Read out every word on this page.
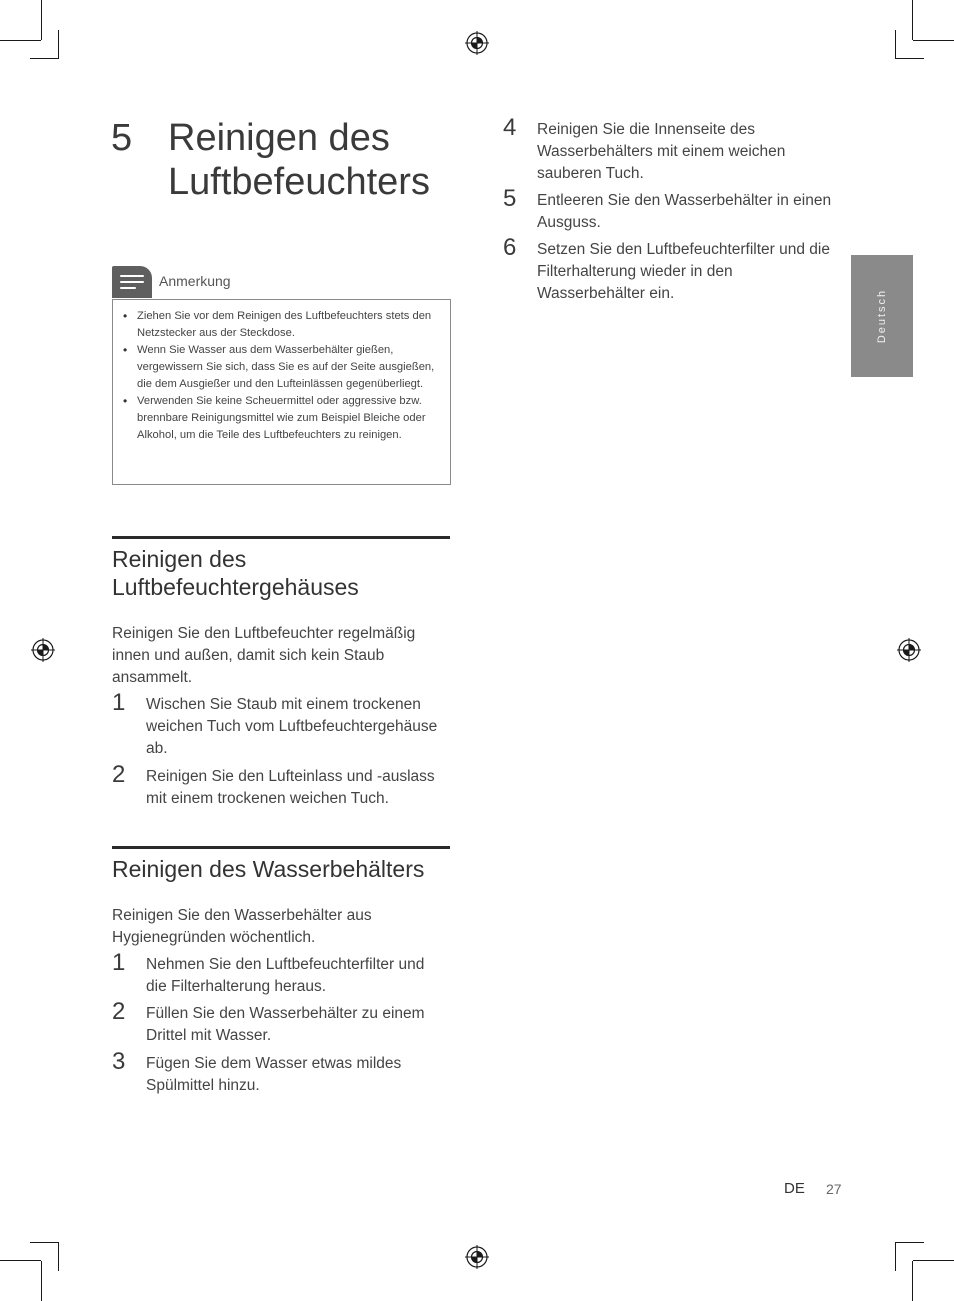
5 Reinigen des Luftbefeuchters
Anmerkung
• Ziehen Sie vor dem Reinigen des Luftbefeuchters stets den Netzstecker aus der Steckdose.
• Wenn Sie Wasser aus dem Wasserbehälter gießen, vergewissern Sie sich, dass Sie es auf der Seite ausgießen, die dem Ausgießer und den Lufteinlässen gegenüberliegt.
• Verwenden Sie keine Scheuermittel oder aggressive bzw. brennbare Reinigungsmittel wie zum Beispiel Bleiche oder Alkohol, um die Teile des Luftbefeuchters zu reinigen.
Reinigen des Luftbefeuchtergehäuses
Reinigen Sie den Luftbefeuchter regelmäßig innen und außen, damit sich kein Staub ansammelt.
1 Wischen Sie Staub mit einem trockenen weichen Tuch vom Luftbefeuchtergehäuse ab.
2 Reinigen Sie den Lufteinlass und -auslass mit einem trockenen weichen Tuch.
Reinigen des Wasserbehälters
Reinigen Sie den Wasserbehälter aus Hygienegründen wöchentlich.
1 Nehmen Sie den Luftbefeuchterfilter und die Filterhalterung heraus.
2 Füllen Sie den Wasserbehälter zu einem Drittel mit Wasser.
3 Fügen Sie dem Wasser etwas mildes Spülmittel hinzu.
4 Reinigen Sie die Innenseite des Wasserbehälters mit einem weichen sauberen Tuch.
5 Entleeren Sie den Wasserbehälter in einen Ausguss.
6 Setzen Sie den Luftbefeuchterfilter und die Filterhalterung wieder in den Wasserbehälter ein.	Deutsch
DE 27
